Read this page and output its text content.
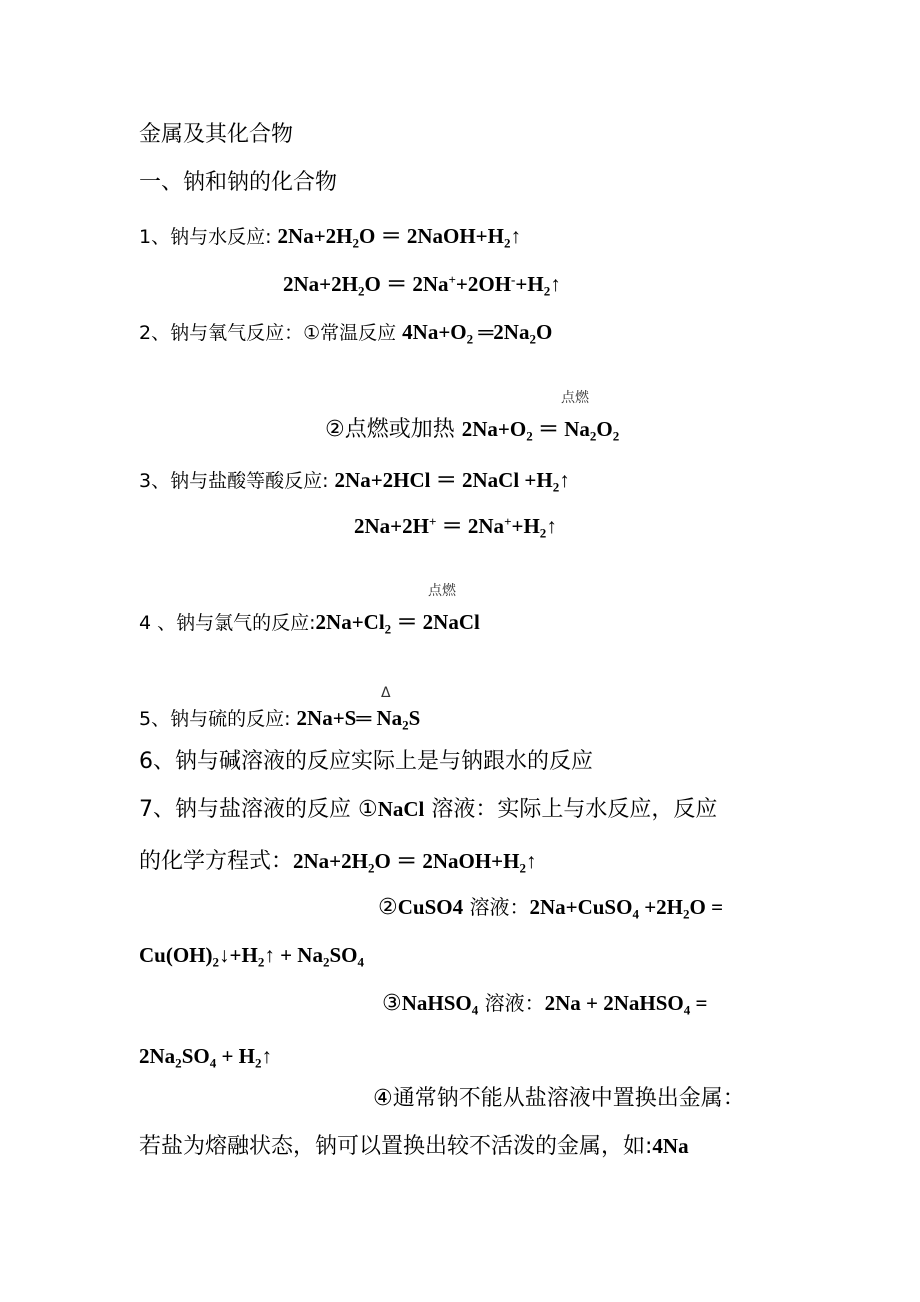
金属及其化合物
一、钠和钠的化合物
1、钠与水反应: $2Na+2H_2O$ ＝ $2NaOH+H_2↑$
$2Na+2H_2O$ ＝ $2Na^++2OH^-+H_2↑$
2、钠与氧气反应：①常温反应 $4Na+O_2$ $═2Na_2O$
点燃
②点燃或加热 $2Na+O_2 = Na_2O_2$
3、钠与盐酸等酸反应: 2Na+2HCl ＝ 2NaCl $+H_2↑$
$2Na+2H^+ = 2Na^++H_2↑$
点燃
4 、钠与氯气的反应$:2Na+Cl_2$ ＝ 2NaCl
Δ
5、钠与硫的反应: 2Na+S═ $Na_2S$
6、钠与碱溶液的反应实际上是与钠跟水的反应
7、钠与盐溶液的反应 ①NaCl 溶液：实际上与水反应，反应
的化学方程式：$2Na+2H_2O$ ＝ $2NaOH+H_2↑$
②CuSO4 溶液：2Na+CuSO$_4$ $+2H_2O$ =
$Cu(OH)_2↓+H_2↑ + Na_2SO_4$
③NaHSO$_4$ 溶液：2Na + 2NaHSO$_4$ =
$2Na_2SO_4$ + $H_2↑$
④通常钠不能从盐溶液中置换出金属：
若盐为熔融状态，钠可以置换出较不活泼的金属，如:4Na
